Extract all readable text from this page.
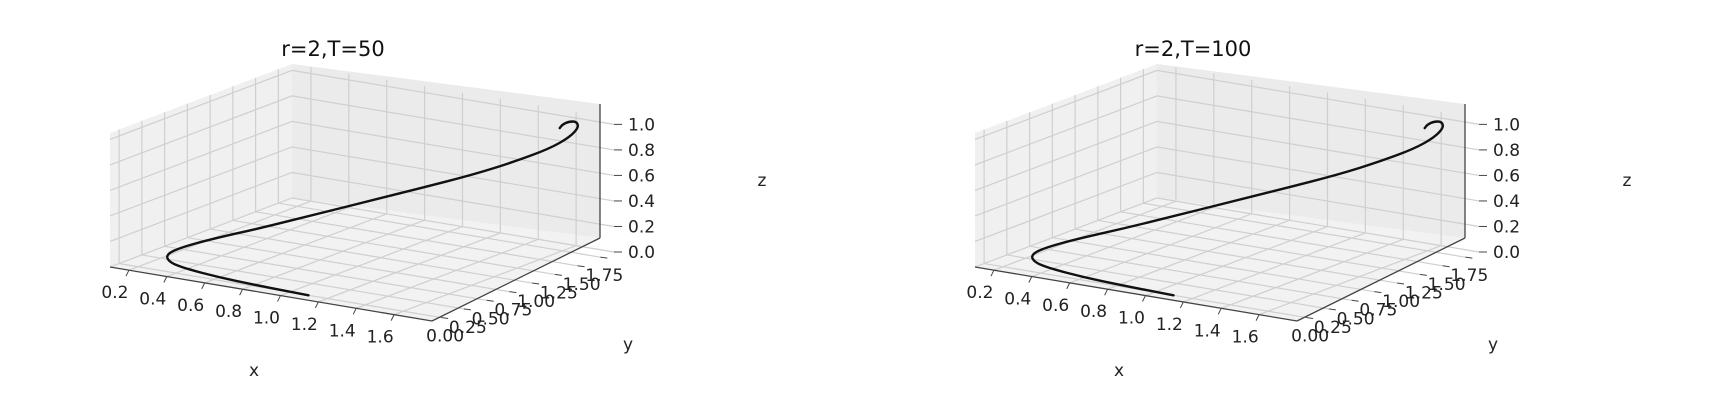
0.2 0.4 0.6 0.8 1.0 1.2 1.4 1.6 0.00
0.25
0.50
0.75
1.00
1.25
1.50
1.75
0.0
0.2
0.4
0.6
0.8
1.0
x
y
z
r=2,T=50
0.2 0.4 0.6 0.8 1.0 1.2 1.4 1.6 0.00
0.25
0.50
0.75
1.00
1.25
1.50
1.75
0.0
0.2
0.4
0.6
0.8
1.0
x
y
z
r=2,T=100
